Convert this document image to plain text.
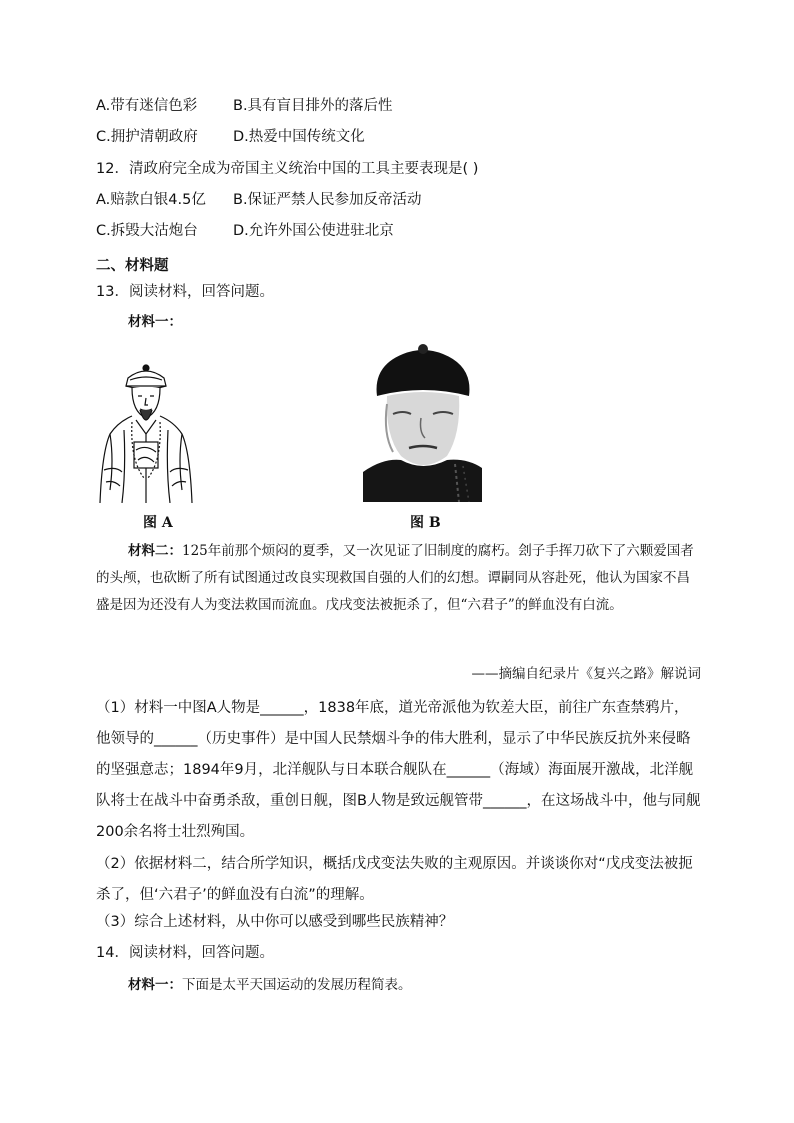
A.带有迷信色彩 B.具有盲目排外的落后性
C.拥护清朝政府 D.热爱中国传统文化
12．清政府完全成为帝国主义统治中国的工具主要表现是( )
A.赔款白银4.5亿 B.保证严禁人民参加反帝活动
C.拆毁大沽炮台 D.允许外国公使进驻北京
二、材料题
13．阅读材料，回答问题。
材料一：
图 A	图 B
材料二：125年前那个烦闷的夏季，又一次见证了旧制度的腐朽。刽子手挥刀砍下了六颗爱国者的头颅，也砍断了所有试图通过改良实现救国自强的人们的幻想。谭嗣同从容赴死，他认为国家不昌盛是因为还没有人为变法救国而流血。戊戌变法被扼杀了，但“六君子”的鲜血没有白流。
——摘编自纪录片《复兴之路》解说词
（1）材料一中图A人物是______，1838年底，道光帝派他为钦差大臣，前往广东查禁鸦片，他领导的______（历史事件）是中国人民禁烟斗争的伟大胜利，显示了中华民族反抗外来侵略的坚强意志；1894年9月，北洋舰队与日本联合舰队在______（海域）海面展开激战，北洋舰队将士在战斗中奋勇杀敌，重创日舰，图B人物是致远舰管带______，在这场战斗中，他与同舰200余名将士壮烈殉国。
（2）依据材料二，结合所学知识，概括戊戌变法失败的主观原因。并谈谈你对“戊戌变法被扼杀了，但‘六君子’的鲜血没有白流”的理解。
（3）综合上述材料，从中你可以感受到哪些民族精神？
14．阅读材料，回答问题。
材料一：下面是太平天国运动的发展历程简表。
